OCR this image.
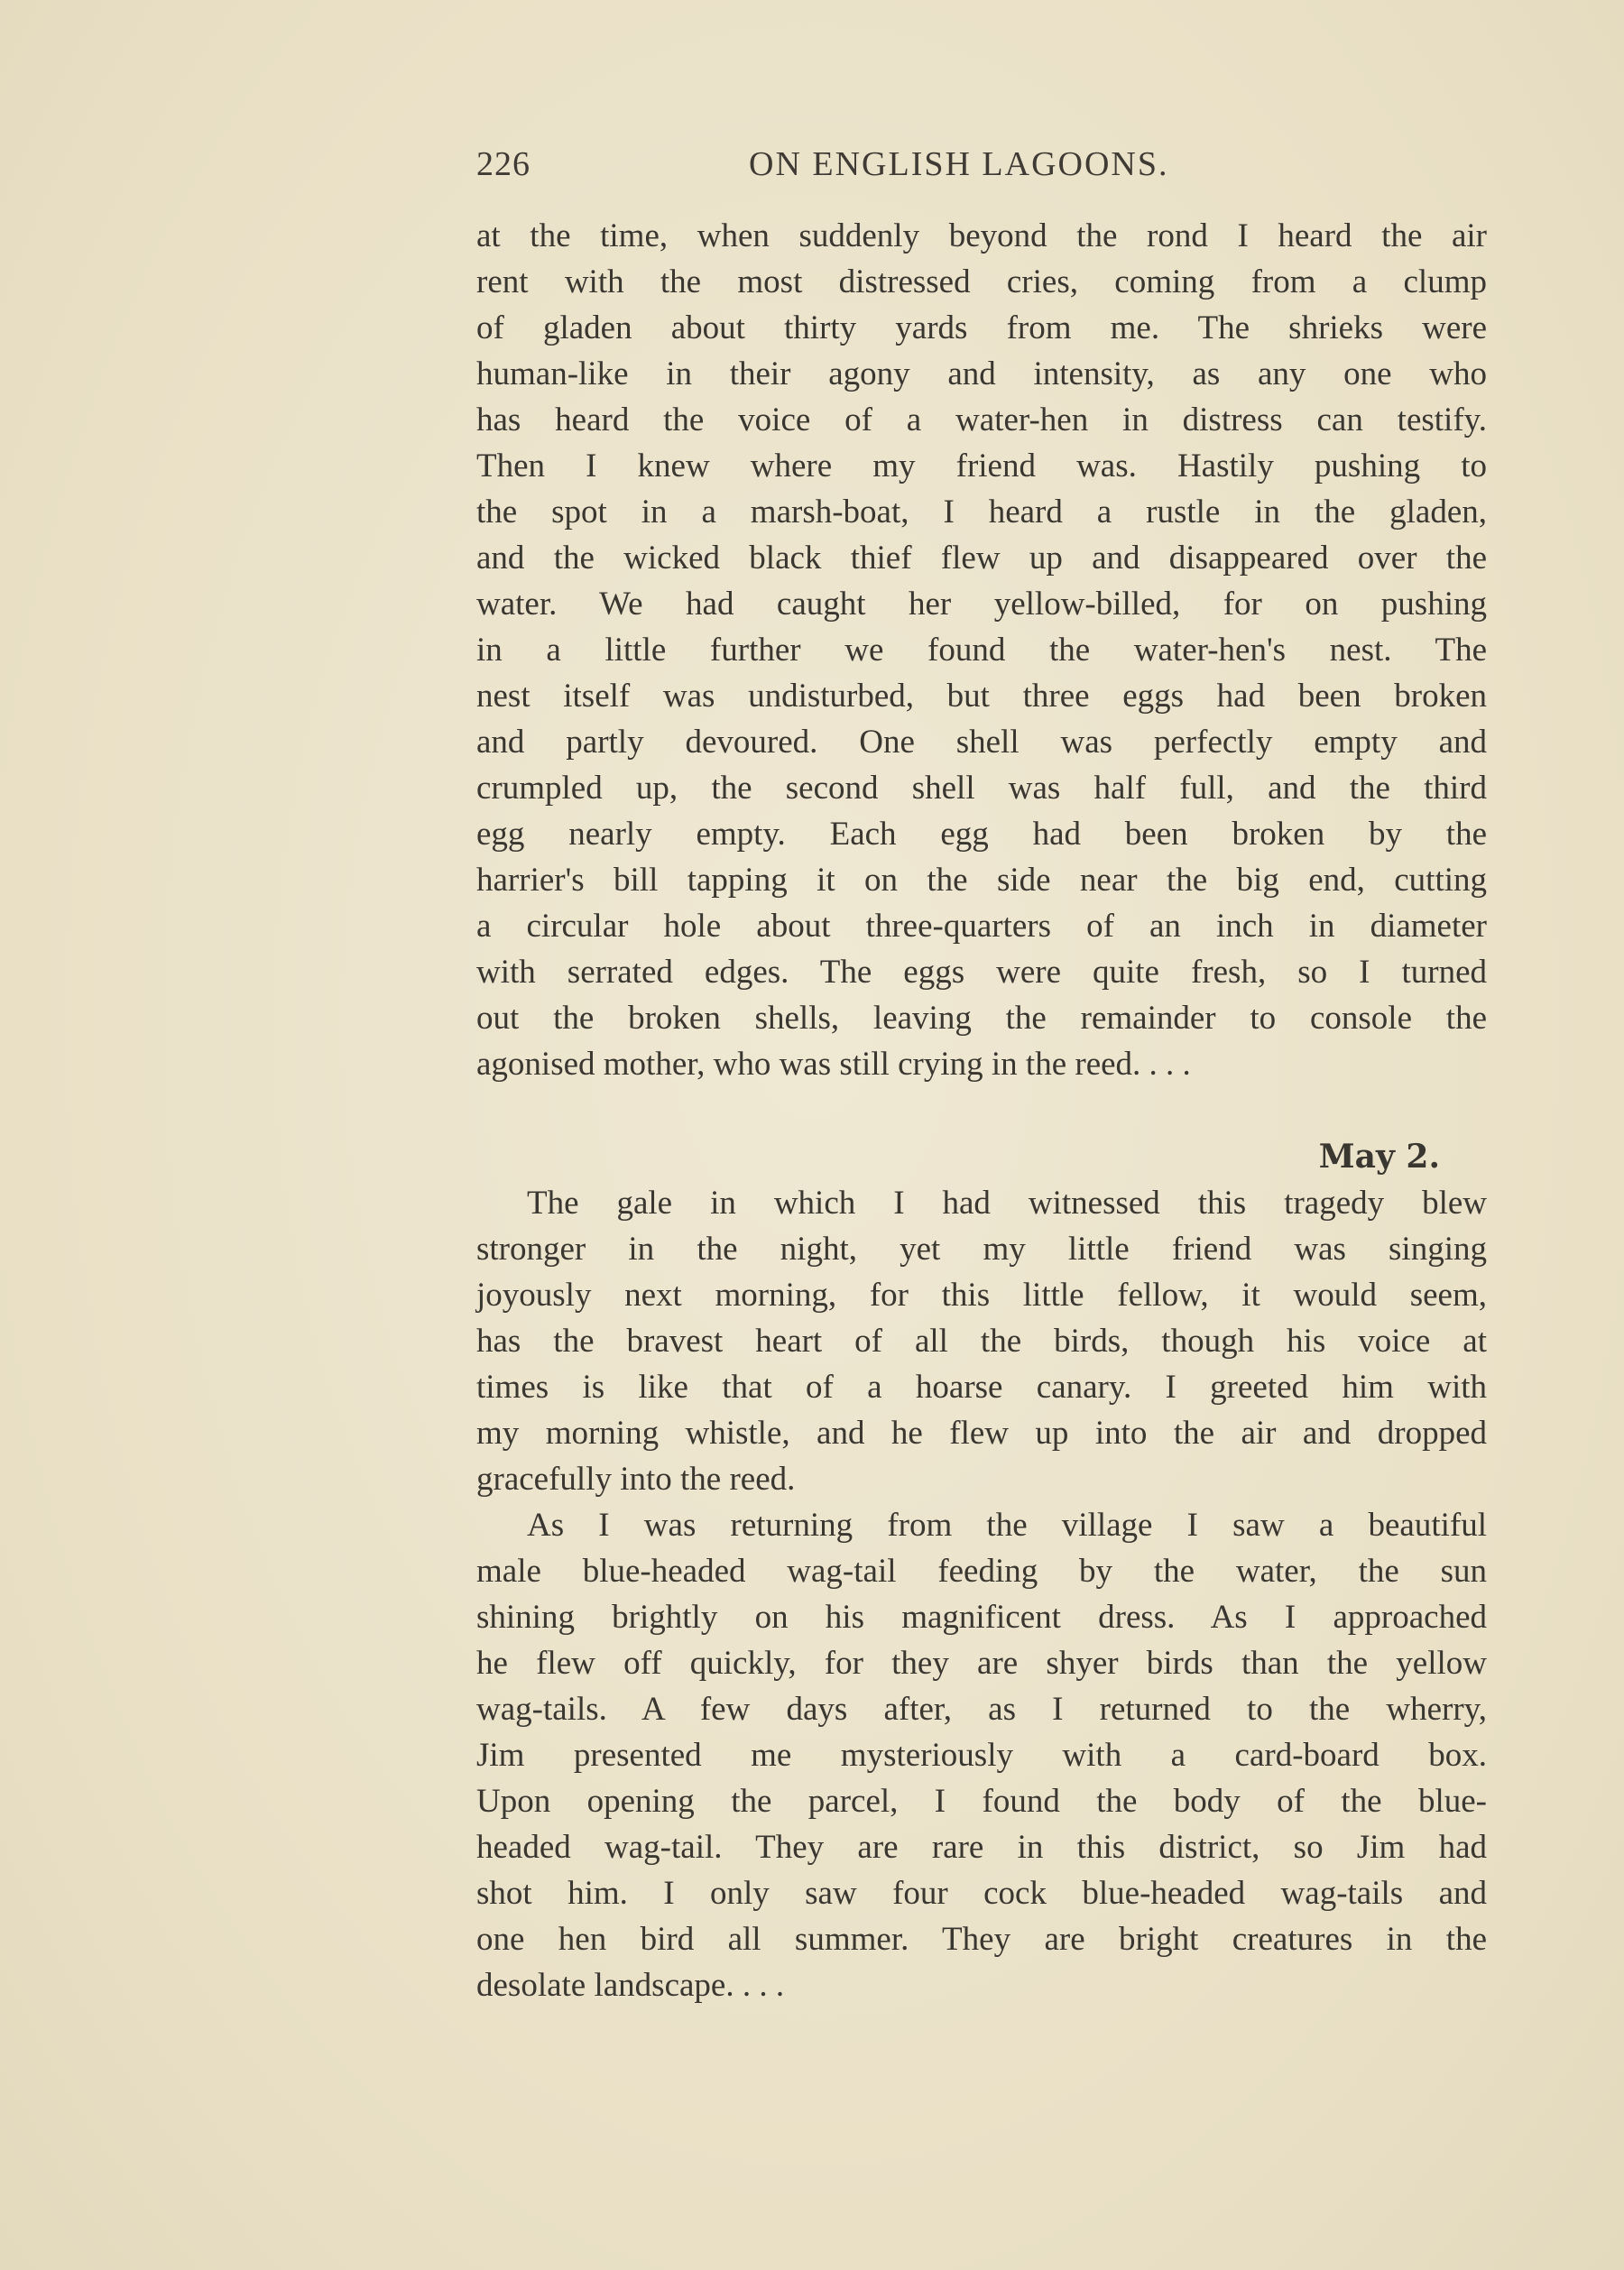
226	ON ENGLISH LAGOONS.
at the time, when suddenly beyond the rond I heard the air
rent with the most distressed cries, coming from a clump
of gladen about thirty yards from me. The shrieks were
human-like in their agony and intensity, as any one who
has heard the voice of a water-hen in distress can testify.
Then I knew where my friend was. Hastily pushing to
the spot in a marsh-boat, I heard a rustle in the gladen,
and the wicked black thief flew up and disappeared over the
water. We had caught her yellow-billed, for on pushing
in a little further we found the water-hen's nest. The
nest itself was undisturbed, but three eggs had been broken
and partly devoured. One shell was perfectly empty and
crumpled up, the second shell was half full, and the third
egg nearly empty. Each egg had been broken by the
harrier's bill tapping it on the side near the big end, cutting
a circular hole about three-quarters of an inch in diameter
with serrated edges. The eggs were quite fresh, so I turned
out the broken shells, leaving the remainder to console the
agonised mother, who was still crying in the reed. . . .
May 2.
The gale in which I had witnessed this tragedy blew
stronger in the night, yet my little friend was singing
joyously next morning, for this little fellow, it would seem,
has the bravest heart of all the birds, though his voice at
times is like that of a hoarse canary. I greeted him with
my morning whistle, and he flew up into the air and dropped
gracefully into the reed.
As I was returning from the village I saw a beautiful
male blue-headed wag-tail feeding by the water, the sun
shining brightly on his magnificent dress. As I approached
he flew off quickly, for they are shyer birds than the yellow
wag-tails. A few days after, as I returned to the wherry,
Jim presented me mysteriously with a card-board box.
Upon opening the parcel, I found the body of the blue-
headed wag-tail. They are rare in this district, so Jim had
shot him. I only saw four cock blue-headed wag-tails and
one hen bird all summer. They are bright creatures in the
desolate landscape. . . .
